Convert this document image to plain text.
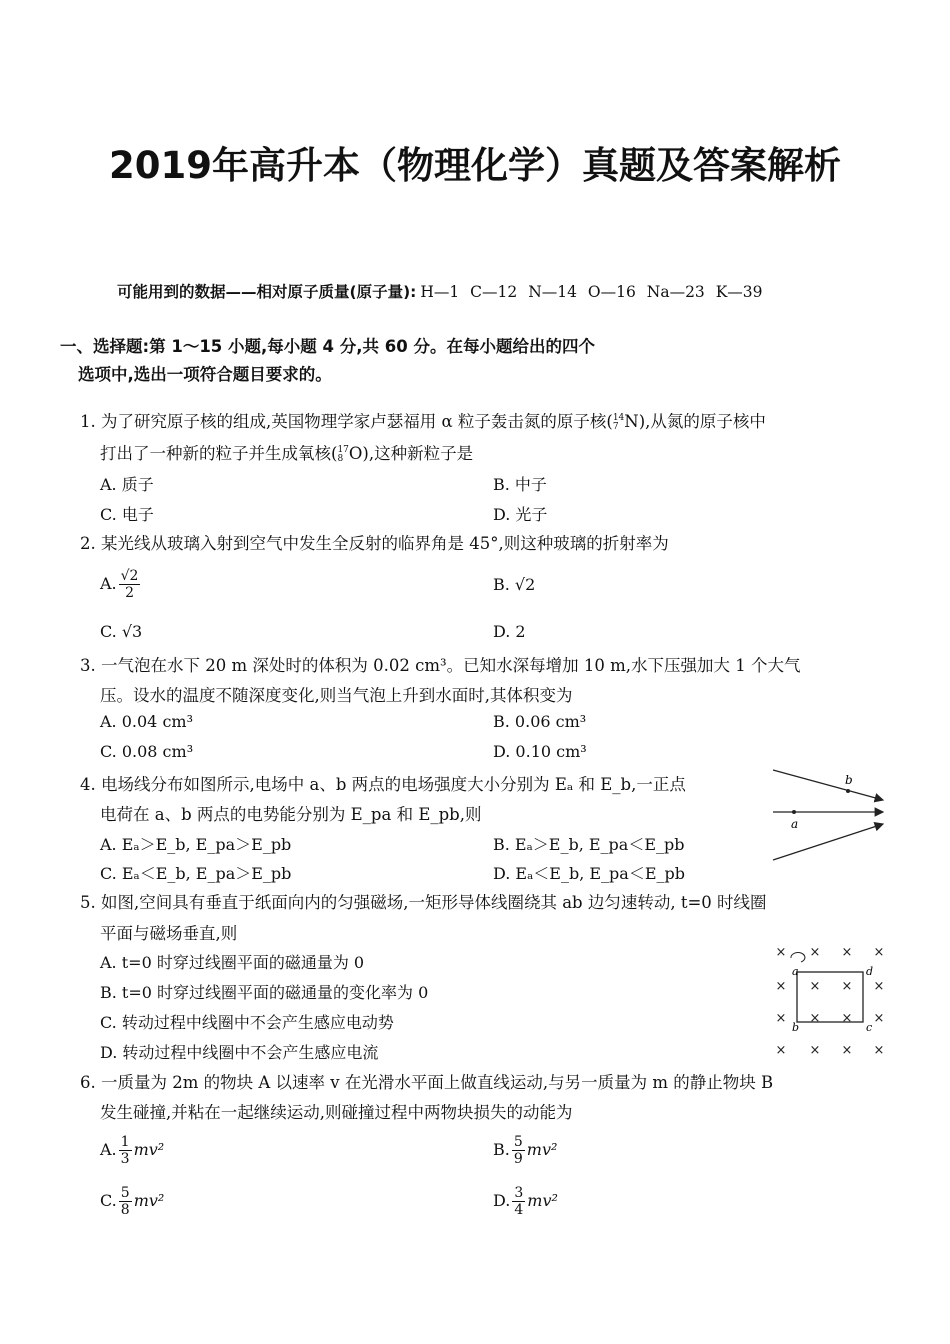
2019年高升本（物理化学）真题及答案解析
可能用到的数据——相对原子质量(原子量): H—1 C—12 N—14 O—16 Na—23 K—39
一、选择题:第 1～15 小题,每小题 4 分,共 60 分。在每小题给出的四个
选项中,选出一项符合题目要求的。
1. 为了研究原子核的组成,英国物理学家卢瑟福用 α 粒子轰击氮的原子核( 14
7 N),从氮的原子核中
打出了一种新的粒子并生成氧核( 17
8 O),这种新粒子是
A. 质子	B. 中子
C. 电子	D. 光子
2. 某光线从玻璃入射到空气中发生全反射的临界角是 45°,则这种玻璃的折射率为
A. $\frac{√2}{2}$	B. √2
C. √3	D. 2
3. 一气泡在水下 20 m 深处时的体积为 0.02 cm³。已知水深每增加 10 m,水下压强加大 1 个大气
压。设水的温度不随深度变化,则当气泡上升到水面时,其体积变为
A. 0.04 cm³	B. 0.06 cm³
C. 0.08 cm³	D. 0.10 cm³
4. 电场线分布如图所示,电场中 a、b 两点的电场强度大小分别为 Eₐ 和 E_b,一正点
电荷在 a、b 两点的电势能分别为 E_pa 和 E_pb,则
A. Eₐ＞E_b, E_pa＞E_pb	B. Eₐ＞E_b, E_pa＜E_pb
C. Eₐ＜E_b, E_pa＞E_pb	D. Eₐ＜E_b, E_pa＜E_pb
a
b
5. 如图,空间具有垂直于纸面向内的匀强磁场,一矩形导体线圈绕其 ab 边匀速转动, t=0 时线圈
平面与磁场垂直,则
A. t=0 时穿过线圈平面的磁通量为 0
B. t=0 时穿过线圈平面的磁通量的变化率为 0
C. 转动过程中线圈中不会产生感应电动势
D. 转动过程中线圈中不会产生感应电流
× × × ×
× × × ×
× × × ×
× × × ×
a
b	c
d
6. 一质量为 2m 的物块 A 以速率 v 在光滑水平面上做直线运动,与另一质量为 m 的静止物块 B
发生碰撞,并粘在一起继续运动,则碰撞过程中两物块损失的动能为
A. $\frac{1}{3} mv^2$	B. $\frac{5}{9} mv^2$
C. $\frac{5}{8} mv^2$	D. $\frac{3}{4} mv^2$
